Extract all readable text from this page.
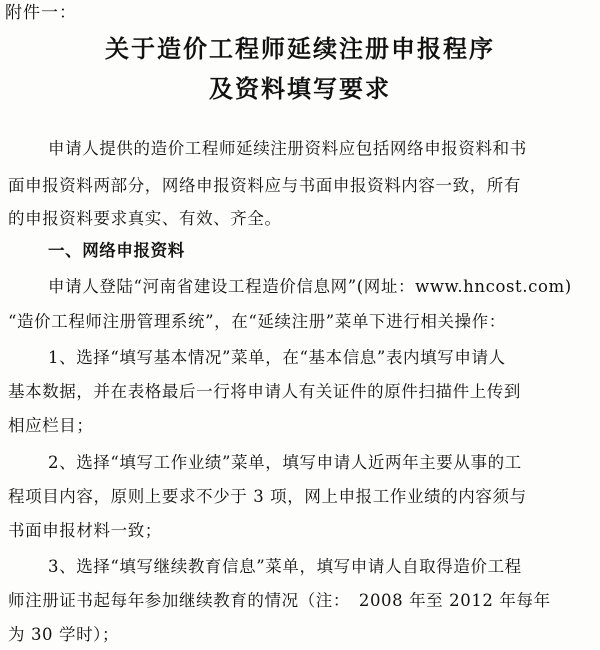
附件一：
关于造价工程师延续注册申报程序
及资料填写要求
申请人提供的造价工程师延续注册资料应包括网络申报资料和书
面申报资料两部分，网络申报资料应与书面申报资料内容一致，所有
的申报资料要求真实、有效、齐全。
一、网络申报资料
申请人登陆“河南省建设工程造价信息网”(网址：www.hncost.com)
“造价工程师注册管理系统”，在“延续注册”菜单下进行相关操作：
1、选择“填写基本情况”菜单，在“基本信息”表内填写申请人
基本数据，并在表格最后一行将申请人有关证件的原件扫描件上传到
相应栏目；
2、选择“填写工作业绩”菜单，填写申请人近两年主要从事的工
程项目内容，原则上要求不少于 3 项，网上申报工作业绩的内容须与
书面申报材料一致；
3、选择“填写继续教育信息”菜单，填写申请人自取得造价工程
师注册证书起每年参加继续教育的情况（注：　2008 年至 2012 年每年
为 30 学时）；
